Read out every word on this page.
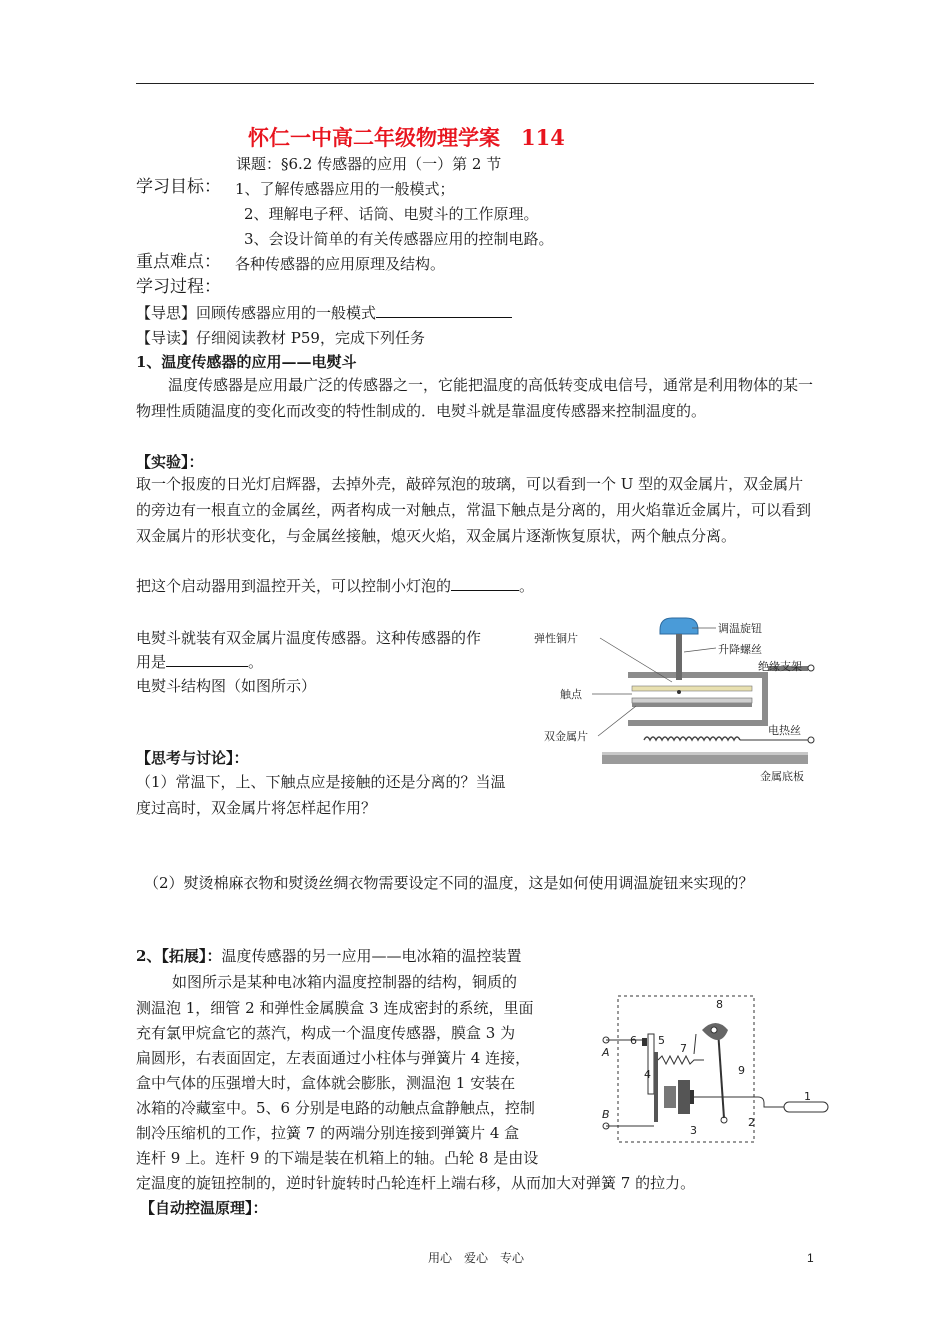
怀仁一中高二年级物理学案　114
课题：§6.2 传感器的应用（一）第 2 节
学习目标： 1、了解传感器应用的一般模式；
2、理解电子秤、话筒、电熨斗的工作原理。
3、会设计简单的有关传感器应用的控制电路。
重点难点： 各种传感器的应用原理及结构。
学习过程：
【导思】回顾传感器应用的一般模式
【导读】仔细阅读教材 P59，完成下列任务
1、温度传感器的应用——电熨斗
温度传感器是应用最广泛的传感器之一，它能把温度的高低转变成电信号，通常是利用物体的某一物理性质随温度的变化而改变的特性制成的．电熨斗就是靠温度传感器来控制温度的。
【实验】：
取一个报废的日光灯启辉器，去掉外壳，敲碎氖泡的玻璃，可以看到一个 U 型的双金属片，双金属片的旁边有一根直立的金属丝，两者构成一对触点，常温下触点是分离的，用火焰靠近金属片，可以看到双金属片的形状变化，与金属丝接触，熄灭火焰，双金属片逐渐恢复原状，两个触点分离。
把这个启动器用到温控开关，可以控制小灯泡的	。
电熨斗就装有双金属片温度传感器。这种传感器的作
用是	。
电熨斗结构图（如图所示）
弹性铜片
调温旋钮
升降螺丝
绝缘支架
触点
双金属片	电热丝
金属底板
【思考与讨论】：
（1）常温下，上、下触点应是接触的还是分离的？当温
度过高时，双金属片将怎样起作用？
（2）熨烫棉麻衣物和熨烫丝绸衣物需要设定不同的温度，这是如何使用调温旋钮来实现的？
2、【拓展】：温度传感器的另一应用——电冰箱的温控装置
如图所示是某种电冰箱内温度控制器的结构，铜质的
测温泡 1，细管 2 和弹性金属膜盒 3 连成密封的系统，里面
充有氯甲烷盒它的蒸汽，构成一个温度传感器，膜盒 3 为
扁圆形，右表面固定，左表面通过小柱体与弹簧片 4 连接，
盒中气体的压强增大时，盒体就会膨胀，测温泡 1 安装在
冰箱的冷藏室中。5、6 分别是电路的动触点盒静触点，控制
制冷压缩机的工作，拉簧 7 的两端分别连接到弹簧片 4 盒
连杆 9 上。连杆 9 的下端是装在机箱上的轴。凸轮 8 是由设
定温度的旋钮控制的，逆时针旋转时凸轮连杆上端右移，从而加大对弹簧 7 的拉力。
6 5
A
8
7
9
4
B
3
2
1
【自动控温原理】：
用心　爱心　专心	1
